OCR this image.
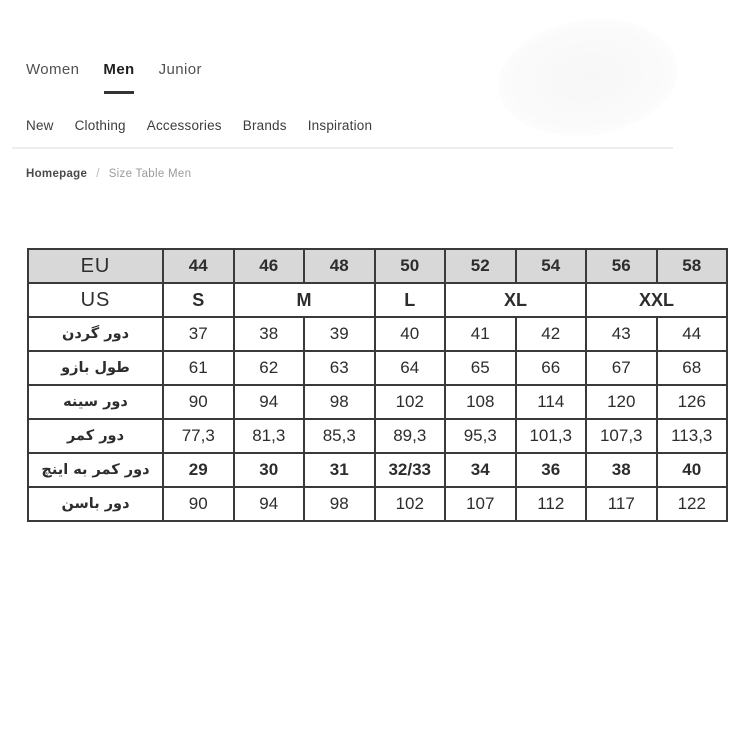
Women Men Junior
New Clothing Accessories Brands Inspiration
Homepage / Size Table Men
EU	44	46	48	50	52	54	56	58
US	S	M		L	XL		XXL	
دور گردن	37	38	39	40	41	42	43	44
طول بازو	61	62	63	64	65	66	67	68
دور سینه	90	94	98	102	108	114	120	126
دور کمر	77,3	81,3	85,3	89,3	95,3	101,3	107,3	113,3
دور کمر به اینچ	29	30	31	32/33	34	36	38	40
دور باسن	90	94	98	102	107	112	117	122
